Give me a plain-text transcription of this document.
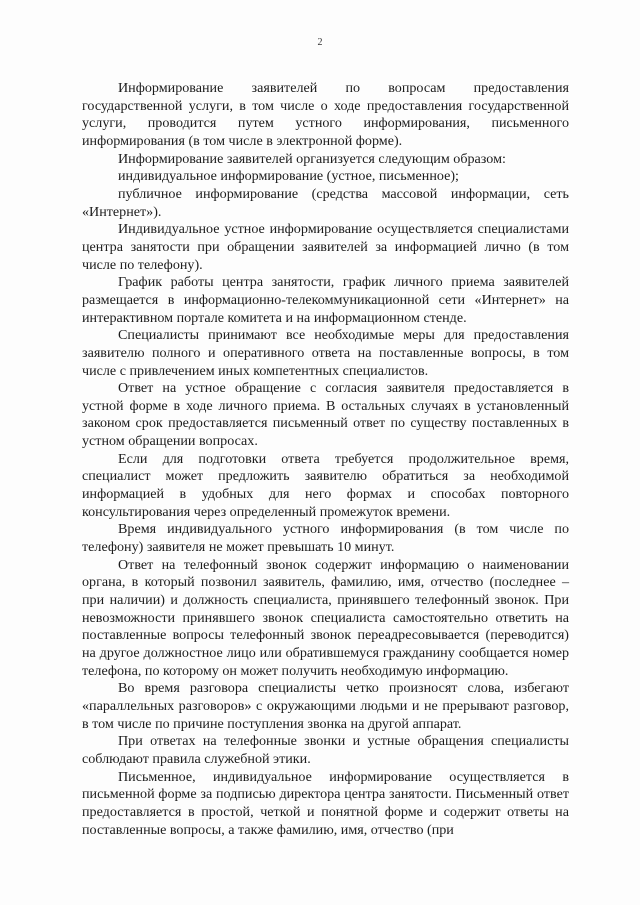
2

Информирование заявителей по вопросам предоставления государственной услуги, в том числе о ходе предоставления государственной услуги, проводится путем устного информирования, письменного информирования (в том числе в электронной форме).

Информирование заявителей организуется следующим образом:

индивидуальное информирование (устное, письменное);

публичное информирование (средства массовой информации, сеть «Интернет»).

Индивидуальное устное информирование осуществляется специалистами центра занятости при обращении заявителей за информацией лично (в том числе по телефону).

График работы центра занятости, график личного приема заявителей размещается в информационно-телекоммуникационной сети «Интернет» на интерактивном портале комитета и на информационном стенде.

Специалисты принимают все необходимые меры для предоставления заявителю полного и оперативного ответа на поставленные вопросы, в том числе с привлечением иных компетентных специалистов.

Ответ на устное обращение с согласия заявителя предоставляется в устной форме в ходе личного приема. В остальных случаях в установленный законом срок предоставляется письменный ответ по существу поставленных в устном обращении вопросах.

Если для подготовки ответа требуется продолжительное время, специалист может предложить заявителю обратиться за необходимой информацией в удобных для него формах и способах повторного консультирования через определенный промежуток времени.

Время индивидуального устного информирования (в том числе по телефону) заявителя не может превышать 10 минут.

Ответ на телефонный звонок содержит информацию о наименовании органа, в который позвонил заявитель, фамилию, имя, отчество (последнее – при наличии) и должность специалиста, принявшего телефонный звонок. При невозможности принявшего звонок специалиста самостоятельно ответить на поставленные вопросы телефонный звонок переадресовывается (переводится) на другое должностное лицо или обратившемуся гражданину сообщается номер телефона, по которому он может получить необходимую информацию.

Во время разговора специалисты четко произносят слова, избегают «параллельных разговоров» с окружающими людьми и не прерывают разговор, в том числе по причине поступления звонка на другой аппарат.

При ответах на телефонные звонки и устные обращения специалисты соблюдают правила служебной этики.

Письменное, индивидуальное информирование осуществляется в письменной форме за подписью директора центра занятости. Письменный ответ предоставляется в простой, четкой и понятной форме и содержит ответы на поставленные вопросы, а также фамилию, имя, отчество (при
